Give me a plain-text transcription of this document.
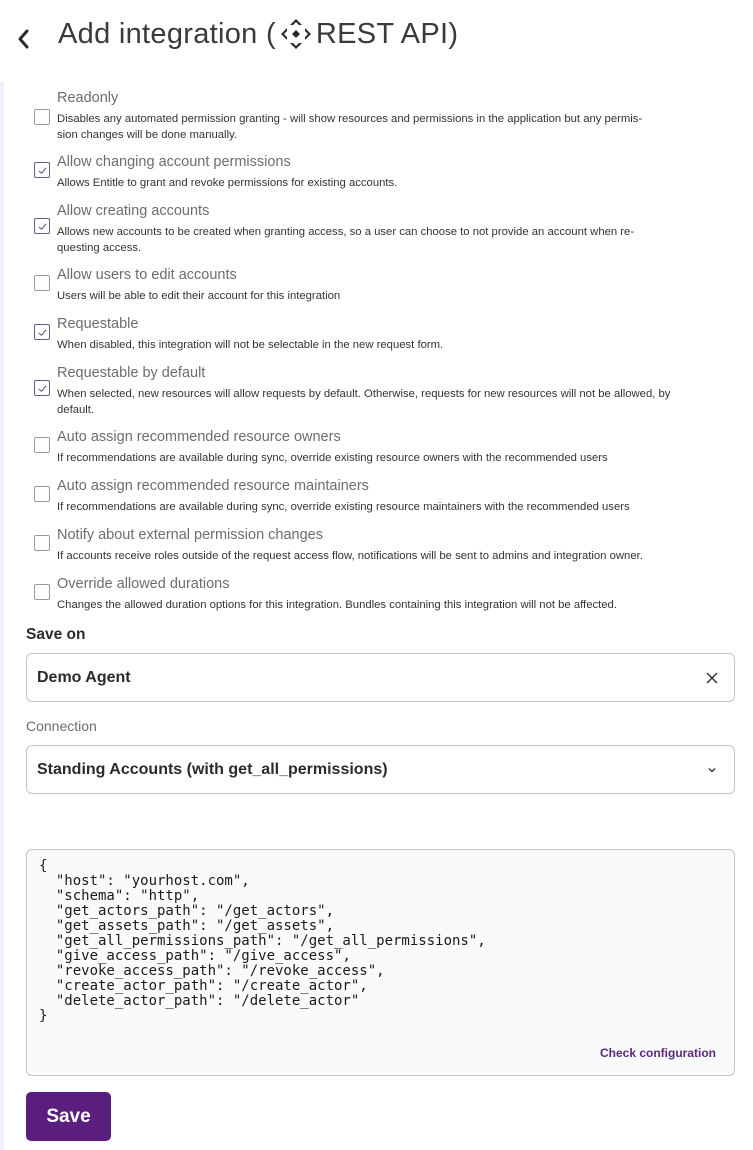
Add integration ( REST API )
Readonly
Disables any automated permission granting - will show resources and permissions in the application but any permis-
sion changes will be done manually.
Allow changing account permissions
Allows Entitle to grant and revoke permissions for existing accounts.
Allow creating accounts
Allows new accounts to be created when granting access, so a user can choose to not provide an account when re-
questing access.
Allow users to edit accounts
Users will be able to edit their account for this integration
Requestable
When disabled, this integration will not be selectable in the new request form.
Requestable by default
When selected, new resources will allow requests by default. Otherwise, requests for new resources will not be allowed, by
default.
Auto assign recommended resource owners
If recommendations are available during sync, override existing resource owners with the recommended users
Auto assign recommended resource maintainers
If recommendations are available during sync, override existing resource maintainers with the recommended users
Notify about external permission changes
If accounts receive roles outside of the request access flow, notifications will be sent to admins and integration owner.
Override allowed durations
Changes the allowed duration options for this integration. Bundles containing this integration will not be affected.
Save on
Demo Agent
Connection
Standing Accounts (with get_all_permissions)
{
"host": "yourhost.com",
"schema": "http",
"get_actors_path": "/get_actors",
"get_assets_path": "/get_assets",
"get_all_permissions_path": "/get_all_permissions",
"give_access_path": "/give_access",
"revoke_access_path": "/revoke_access",
"create_actor_path": "/create_actor",
"delete_actor_path": "/delete_actor"
}
Check configuration
Save
